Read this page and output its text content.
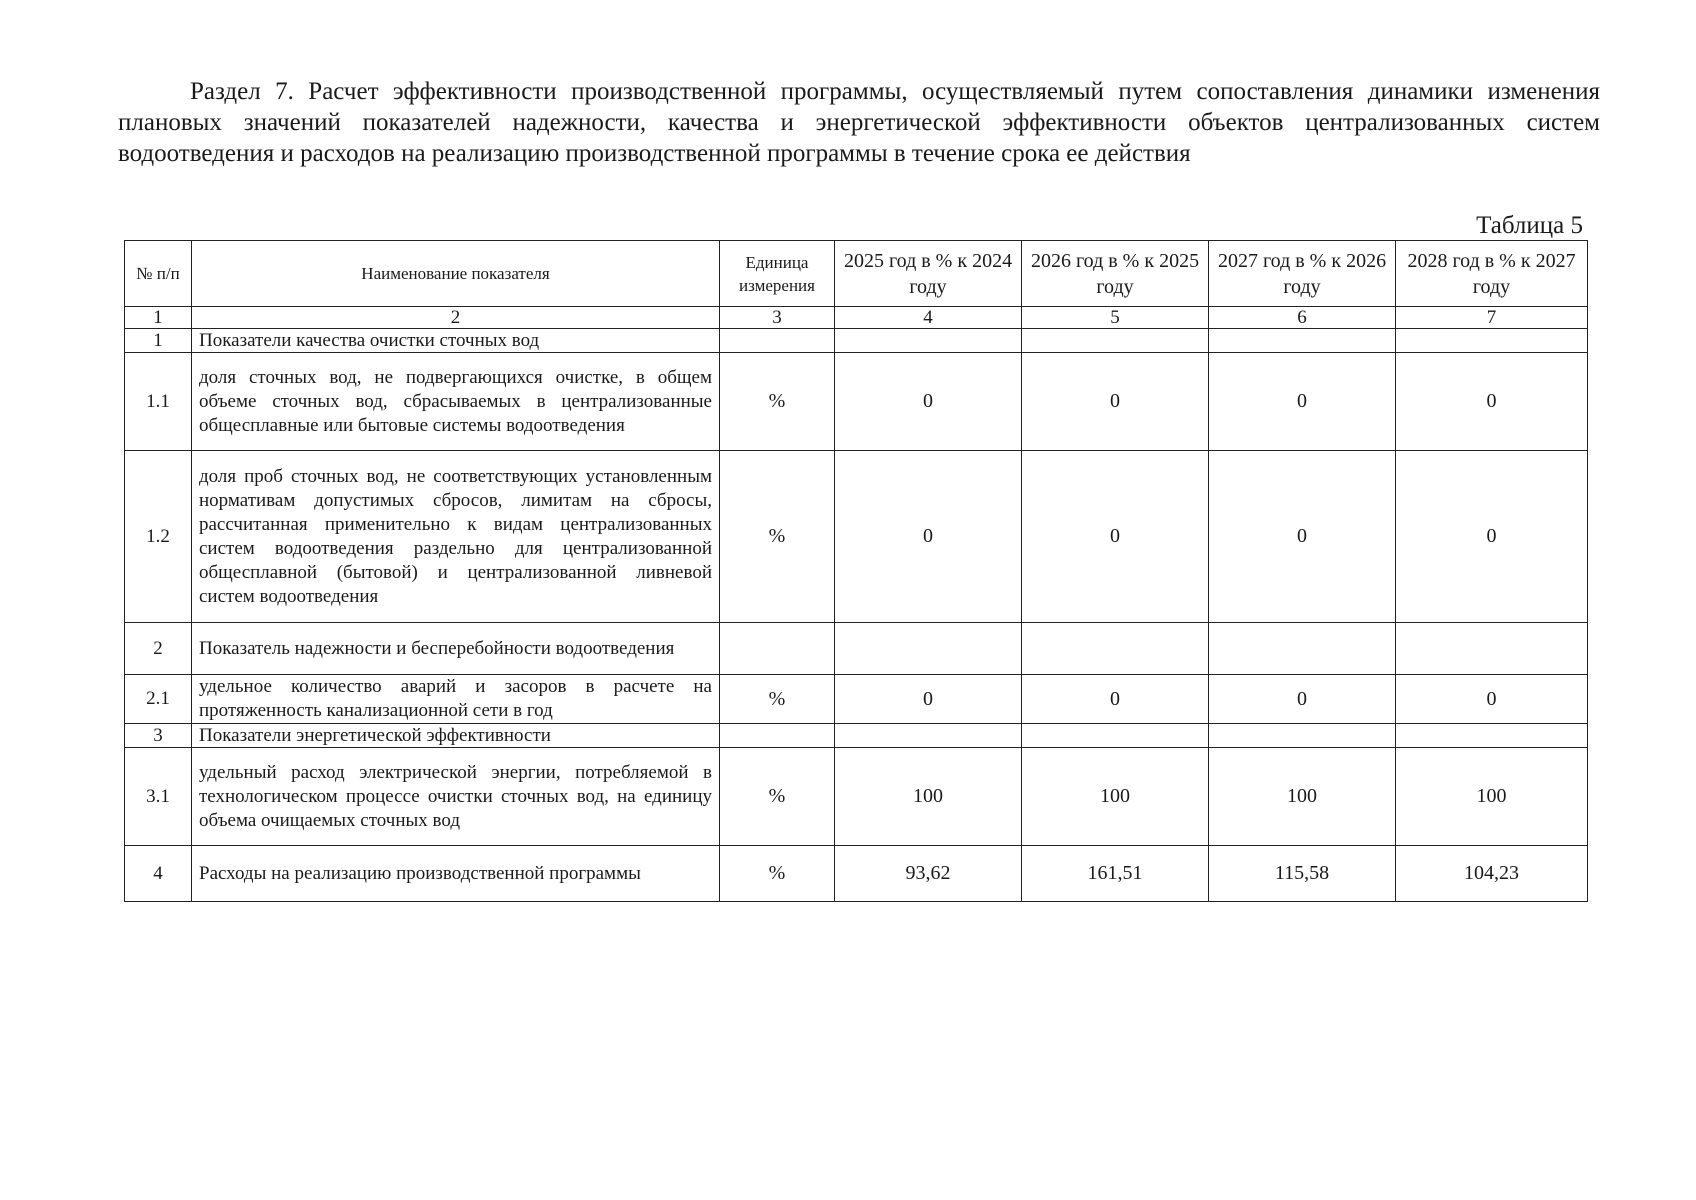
Раздел 7. Расчет эффективности производственной программы, осуществляемый путем сопоставления динамики изменения плановых значений показателей надежности, качества и энергетической эффективности объектов централизованных систем водоотведения и расходов на реализацию производственной программы в течение срока ее действия

Таблица 5

№ п/п	Наименование показателя	Единица измерения	2025 год в % к 2024 году	2026 год в % к 2025 году	2027 год в % к 2026 году	2028 год в % к 2027 году
1	2	3	4	5	6	7
1	Показатели качества очистки сточных вод					
1.1	доля сточных вод, не подвергающихся очистке, в общем объеме сточных вод, сбрасываемых в централизованные общесплавные или бытовые системы водоотведения	%	0	0	0	0
1.2	доля проб сточных вод, не соответствующих установленным нормативам допустимых сбросов, лимитам на сбросы, рассчитанная применительно к видам централизованных систем водоотведения раздельно для централизованной общесплавной (бытовой) и централизованной ливневой систем водоотведения	%	0	0	0	0
2	Показатель надежности и бесперебойности водоотведения					
2.1	удельное количество аварий и засоров в расчете на протяженность канализационной сети в год	%	0	0	0	0
3	Показатели энергетической эффективности					
3.1	удельный расход электрической энергии, потребляемой в технологическом процессе очистки сточных вод, на единицу объема очищаемых сточных вод	%	100	100	100	100
4	Расходы на реализацию производственной программы	%	93,62	161,51	115,58	104,23
